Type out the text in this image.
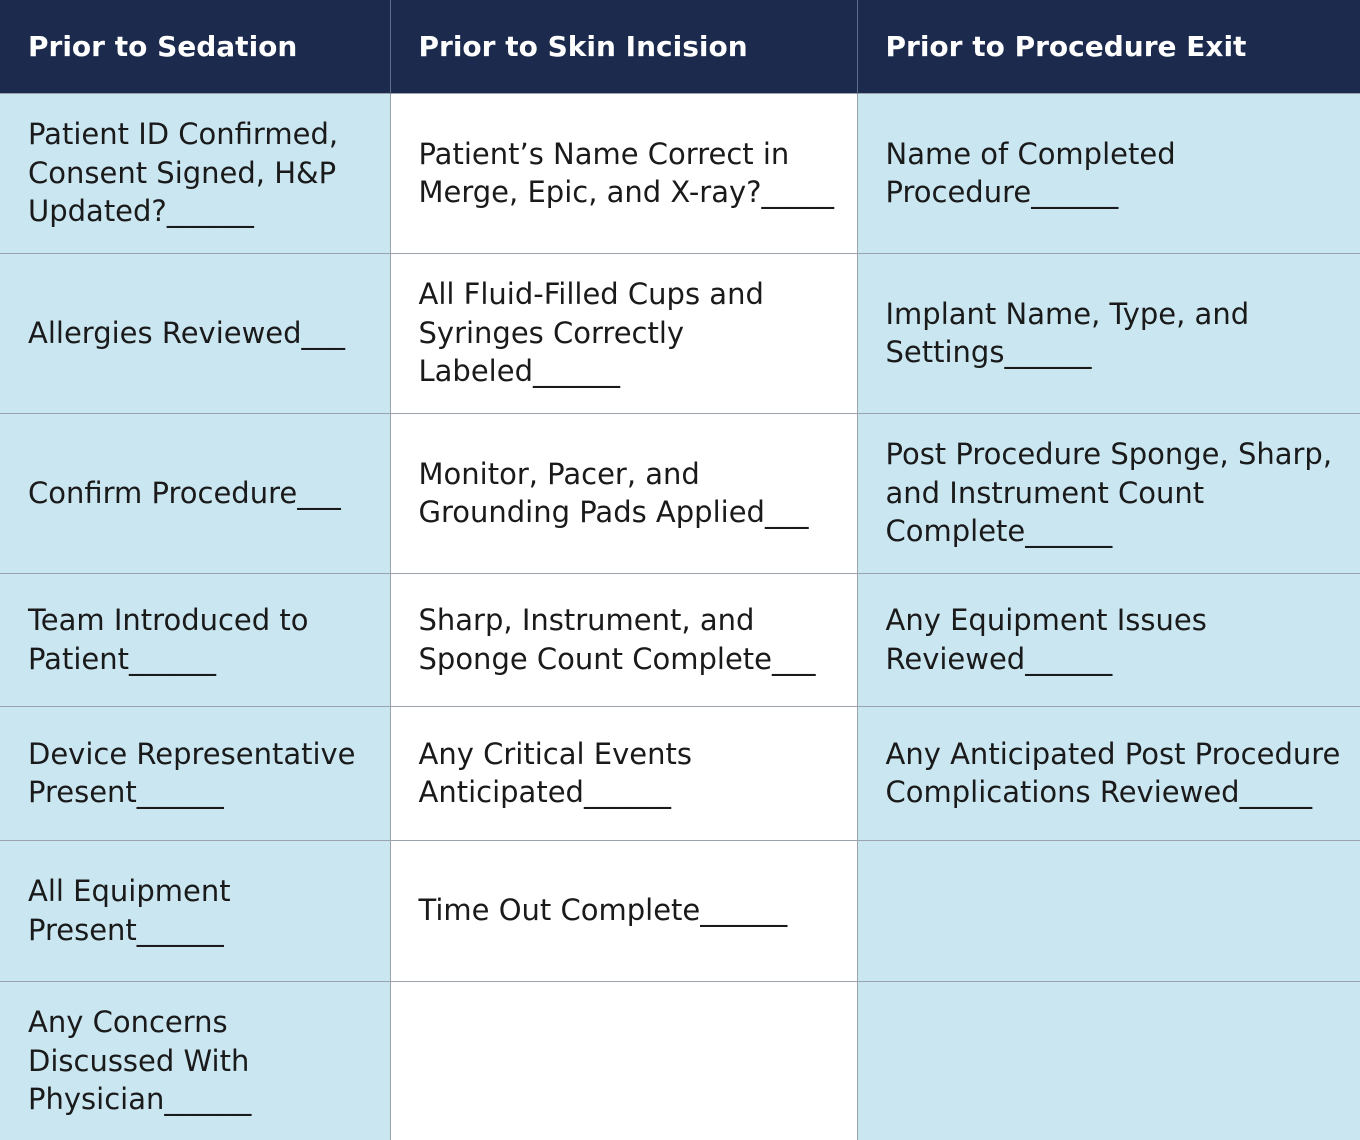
Prior to Sedation	Prior to Skin Incision	Prior to Procedure Exit

Patient ID Confirmed, Consent Signed, H&P Updated?______	Patient’s Name Correct in Merge, Epic, and X-ray?_____	Name of Completed Procedure______

Allergies Reviewed___	All Fluid-Filled Cups and Syringes Correctly Labeled______	Implant Name, Type, and Settings______

Confirm Procedure___	Monitor, Pacer, and Grounding Pads Applied___	Post Procedure Sponge, Sharp, and Instrument Count Complete______

Team Introduced to Patient______	Sharp, Instrument, and Sponge Count Complete___	Any Equipment Issues Reviewed______

Device Representative Present______	Any Critical Events Anticipated______	Any Anticipated Post Procedure Complications Reviewed_____

All Equipment Present______	Time Out Complete______	

Any Concerns Discussed With Physician______		
